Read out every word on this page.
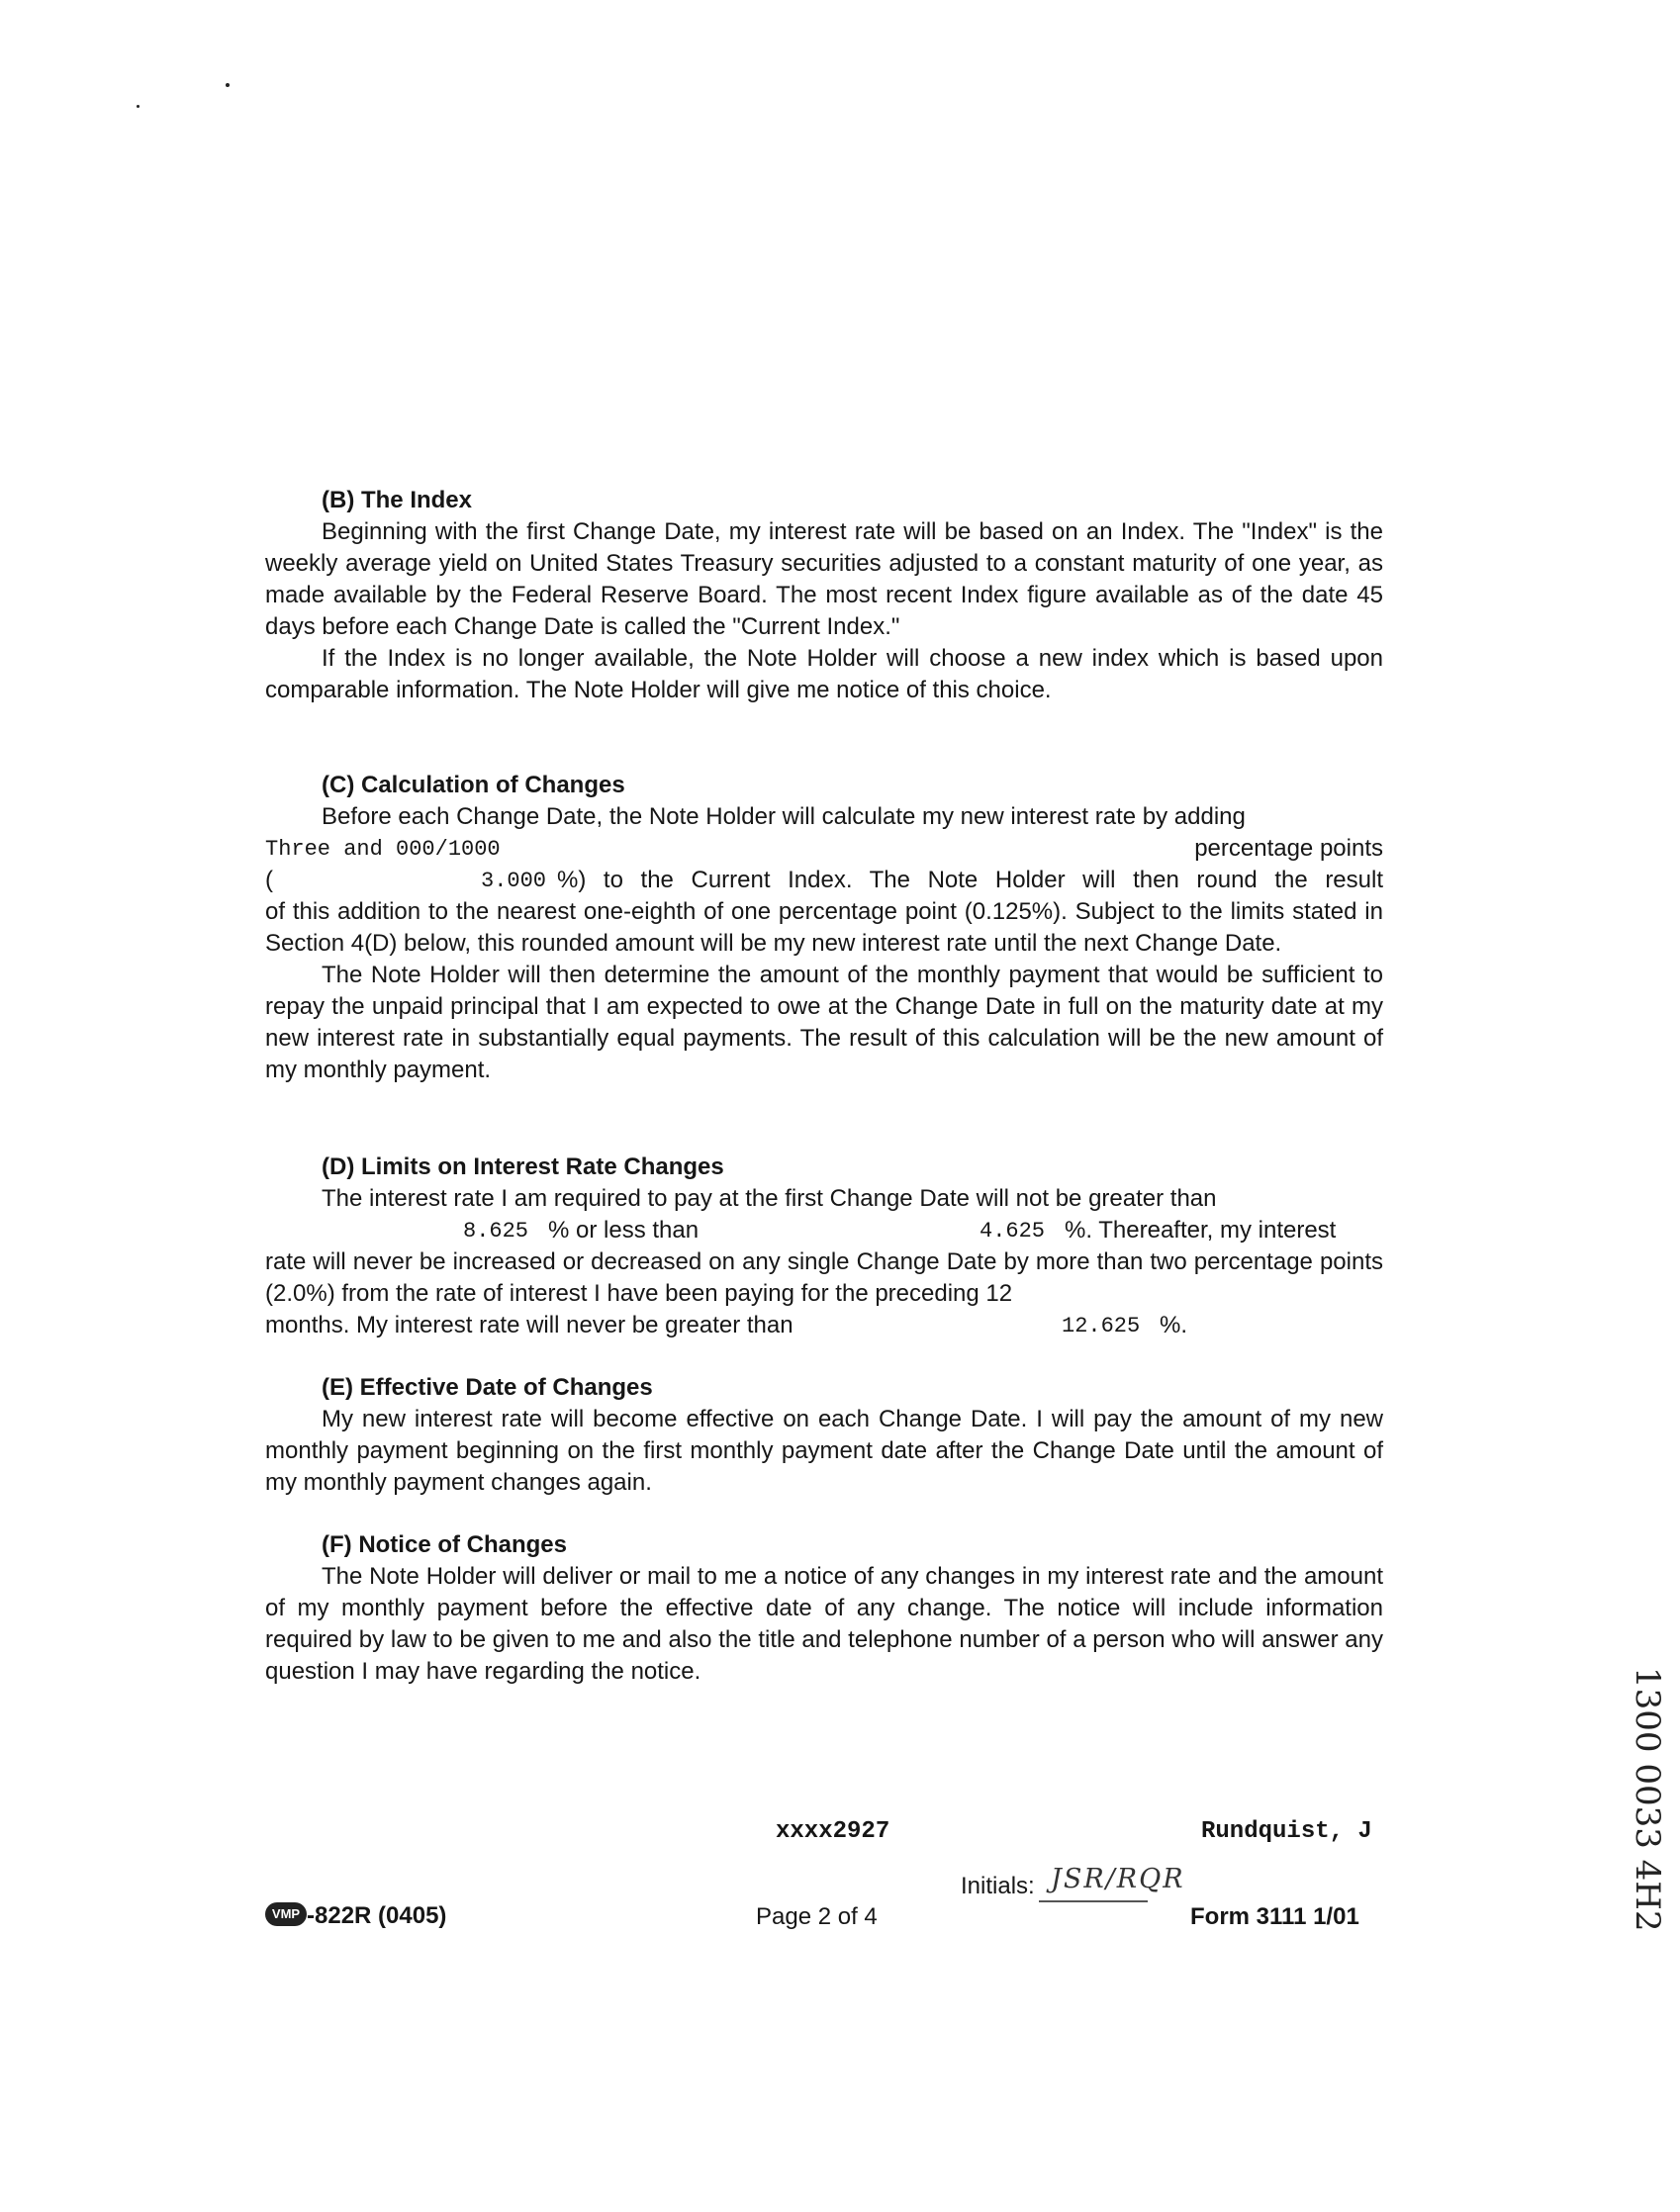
(B) The Index

Beginning with the first Change Date, my interest rate will be based on an Index. The "Index" is the weekly average yield on United States Treasury securities adjusted to a constant maturity of one year, as made available by the Federal Reserve Board. The most recent Index figure available as of the date 45 days before each Change Date is called the "Current Index."

If the Index is no longer available, the Note Holder will choose a new index which is based upon comparable information. The Note Holder will give me notice of this choice.

(C) Calculation of Changes

Before each Change Date, the Note Holder will calculate my new interest rate by adding

Three and 000/1000	percentage points
(	3.000 %) to the Current Index. The Note Holder will then round the result

of this addition to the nearest one-eighth of one percentage point (0.125%). Subject to the limits stated in Section 4(D) below, this rounded amount will be my new interest rate until the next Change Date.

The Note Holder will then determine the amount of the monthly payment that would be sufficient to repay the unpaid principal that I am expected to owe at the Change Date in full on the maturity date at my new interest rate in substantially equal payments. The result of this calculation will be the new amount of my monthly payment.

(D) Limits on Interest Rate Changes

The interest rate I am required to pay at the first Change Date will not be greater than

8.625 % or less than	4.625 %. Thereafter, my interest

rate will never be increased or decreased on any single Change Date by more than two percentage points (2.0%) from the rate of interest I have been paying for the preceding 12

months. My interest rate will never be greater than	12.625 %.
(E) Effective Date of Changes

My new interest rate will become effective on each Change Date. I will pay the amount of my new monthly payment beginning on the first monthly payment date after the Change Date until the amount of my monthly payment changes again.

(F) Notice of Changes

The Note Holder will deliver or mail to me a notice of any changes in my interest rate and the amount of my monthly payment before the effective date of any change. The notice will include information required by law to be given to me and also the title and telephone number of a person who will answer any question I may have regarding the notice.

xxxx2927	Rundquist, J
Initials: JSR/RQR
VMP -822R (0405)	Page 2 of 4	Form 3111 1/01	1300 0033 4H2
